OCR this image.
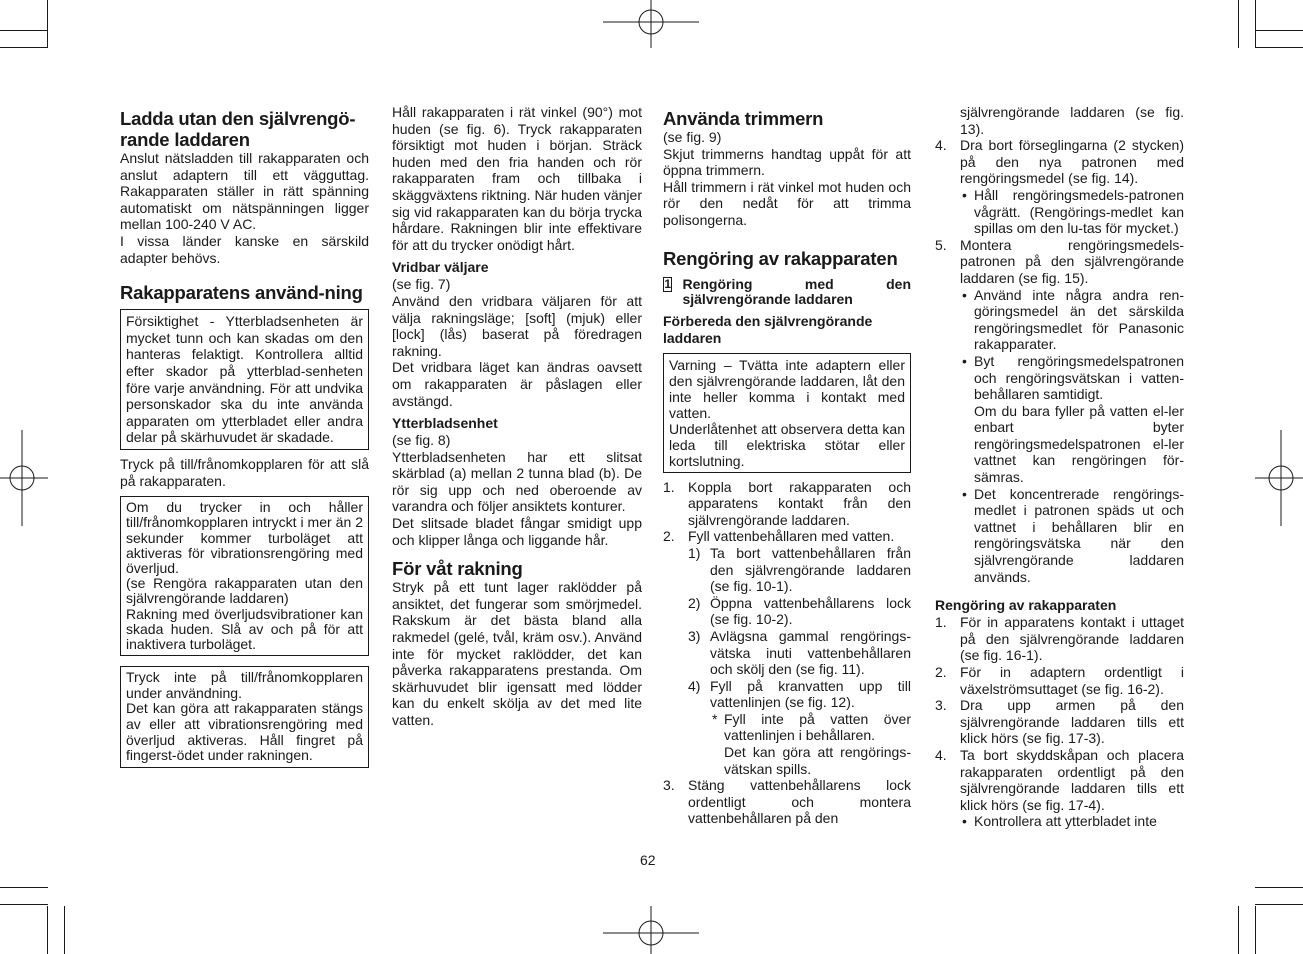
Ladda utan den självrengö-rande laddaren

Anslut nätsladden till rakapparaten och anslut adaptern till ett vägguttag. Rakapparaten ställer in rätt spänning automatiskt om nätspänningen ligger mellan 100-240 V AC.

I vissa länder kanske en särskild adapter behövs.

Rakapparatens använd-ning

Försiktighet - Ytterbladsenheten är mycket tunn och kan skadas om den hanteras felaktigt. Kontrollera alltid efter skador på ytterblad-senheten före varje användning. För att undvika personskador ska du inte använda apparaten om ytterbladet eller andra delar på skärhuvudet är skadade.

Tryck på till/frånomkopplaren för att slå på rakapparaten.

Om du trycker in och håller till/frånomkopplaren intryckt i mer än 2 sekunder kommer turboläget att aktiveras för vibrationsrengöring med överljud.

(se Rengöra rakapparaten utan den självrengörande laddaren)

Rakning med överljudsvibrationer kan skada huden. Slå av och på för att inaktivera turboläget.

Tryck inte på till/frånomkopplaren under användning.

Det kan göra att rakapparaten stängs av eller att vibrationsrengöring med överljud aktiveras. Håll fingret på fingerst-ödet under rakningen.

Håll rakapparaten i rät vinkel (90°) mot huden (se fig. 6). Tryck rakapparaten försiktigt mot huden i början. Sträck huden med den fria handen och rör rakapparaten fram och tillbaka i skäggväxtens riktning. När huden vänjer sig vid rakapparaten kan du börja trycka hårdare. Rakningen blir inte effektivare för att du trycker onödigt hårt.

Vridbar väljare

(se fig. 7)

Använd den vridbara väljaren för att välja rakningsläge; [soft] (mjuk) eller [lock] (lås) baserat på föredragen rakning.

Det vridbara läget kan ändras oavsett om rakapparaten är påslagen eller avstängd.

Ytterbladsenhet

(se fig. 8)

Ytterbladsenheten har ett slitsat skärblad (a) mellan 2 tunna blad (b). De rör sig upp och ned oberoende av varandra och följer ansiktets konturer.

Det slitsade bladet fångar smidigt upp och klipper långa och liggande hår.

För våt rakning

Stryk på ett tunt lager raklödder på ansiktet, det fungerar som smörjmedel. Rakskum är det bästa bland alla rakmedel (gelé, tvål, kräm osv.). Använd inte för mycket raklödder, det kan påverka rakapparatens prestanda. Om skärhuvudet blir igensatt med lödder kan du enkelt skölja av det med lite vatten.

Använda trimmern

(se fig. 9)

Skjut trimmerns handtag uppåt för att öppna trimmern.

Håll trimmern i rät vinkel mot huden och rör den nedåt för att trimma polisongerna.

Rengöring av rakapparaten
1 Rengöring med den självrengörande laddaren
Förbereda den självrengörande laddaren

Varning – Tvätta inte adaptern eller den självrengörande laddaren, låt den inte heller komma i kontakt med vatten.

Underlåtenhet att observera detta kan leda till elektriska stötar eller kortslutning.

1. Koppla bort rakapparaten och apparatens kontakt från den självrengörande laddaren.

2. Fyll vattenbehållaren med vatten.

1) Ta bort vattenbehållaren från den självrengörande laddaren (se fig. 10-1).

2) Öppna vattenbehållarens lock (se fig. 10-2).

3) Avlägsna gammal rengörings-vätska inuti vattenbehållaren och skölj den (se fig. 11).

4) Fyll på kranvatten upp till vattenlinjen (se fig. 12).

* Fyll inte på vatten över vattenlinjen i behållaren.

Det kan göra att rengörings-vätskan spills.

3. Stäng vattenbehållarens lock ordentligt och montera vattenbehållaren på den

självrengörande laddaren (se fig. 13).

4. Dra bort förseglingarna (2 stycken) på den nya patronen med rengöringsmedel (se fig. 14).

• Håll rengöringsmedels-patronen vågrätt. (Rengörings-medlet kan spillas om den lu-tas för mycket.)

5. Montera rengöringsmedels-patronen på den självrengörande laddaren (se fig. 15).

• Använd inte några andra ren-göringsmedel än det särskilda rengöringsmedlet för Panasonic rakapparater.

• Byt rengöringsmedelspatronen och rengöringsvätskan i vatten-behållaren samtidigt.

Om du bara fyller på vatten el-ler enbart byter rengöringsmedelspatronen el-ler vattnet kan rengöringen för-sämras.

• Det koncentrerade rengörings-medlet i patronen späds ut och vattnet i behållaren blir en rengöringsvätska när den självrengörande laddaren används.

Rengöring av rakapparaten
1. För in apparatens kontakt i uttaget på den självrengörande laddaren (se fig. 16-1).

2. För in adaptern ordentligt i växelströmsuttaget (se fig. 16-2).

3. Dra upp armen på den självrengörande laddaren tills ett klick hörs (se fig. 17-3).

4. Ta bort skyddskåpan och placera rakapparaten ordentligt på den självrengörande laddaren tills ett klick hörs (se fig. 17-4).

• Kontrollera att ytterbladet inte

62
